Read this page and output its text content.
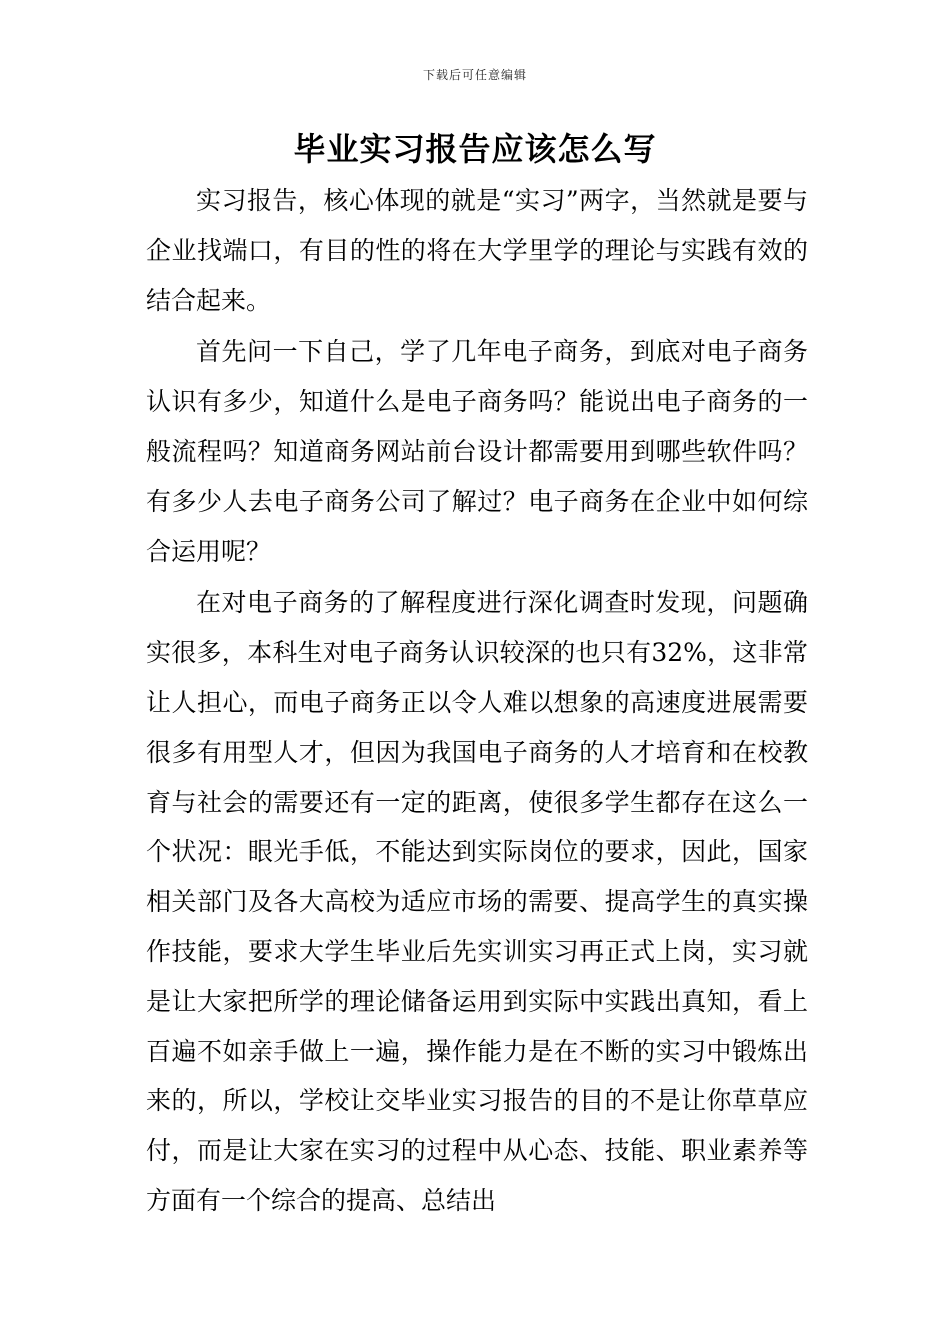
下载后可任意编辑
毕业实习报告应该怎么写

实习报告，核心体现的就是“实习”两字，当然就是要与企业找端口，有目的性的将在大学里学的理论与实践有效的结合起来。

首先问一下自己，学了几年电子商务，到底对电子商务认识有多少，知道什么是电子商务吗？能说出电子商务的一般流程吗？知道商务网站前台设计都需要用到哪些软件吗？有多少人去电子商务公司了解过？电子商务在企业中如何综合运用呢？

在对电子商务的了解程度进行深化调查时发现，问题确实很多，本科生对电子商务认识较深的也只有32%，这非常让人担心，而电子商务正以令人难以想象的高速度进展需要很多有用型人才，但因为我国电子商务的人才培育和在校教育与社会的需要还有一定的距离，使很多学生都存在这么一个状况：眼光手低，不能达到实际岗位的要求，因此，国家相关部门及各大高校为适应市场的需要、提高学生的真实操作技能，要求大学生毕业后先实训实习再正式上岗，实习就是让大家把所学的理论储备运用到实际中实践出真知，看上百遍不如亲手做上一遍，操作能力是在不断的实习中锻炼出来的，所以，学校让交毕业实习报告的目的不是让你草草应付，而是让大家在实习的过程中从心态、技能、职业素养等方面有一个综合的提高、总结出
